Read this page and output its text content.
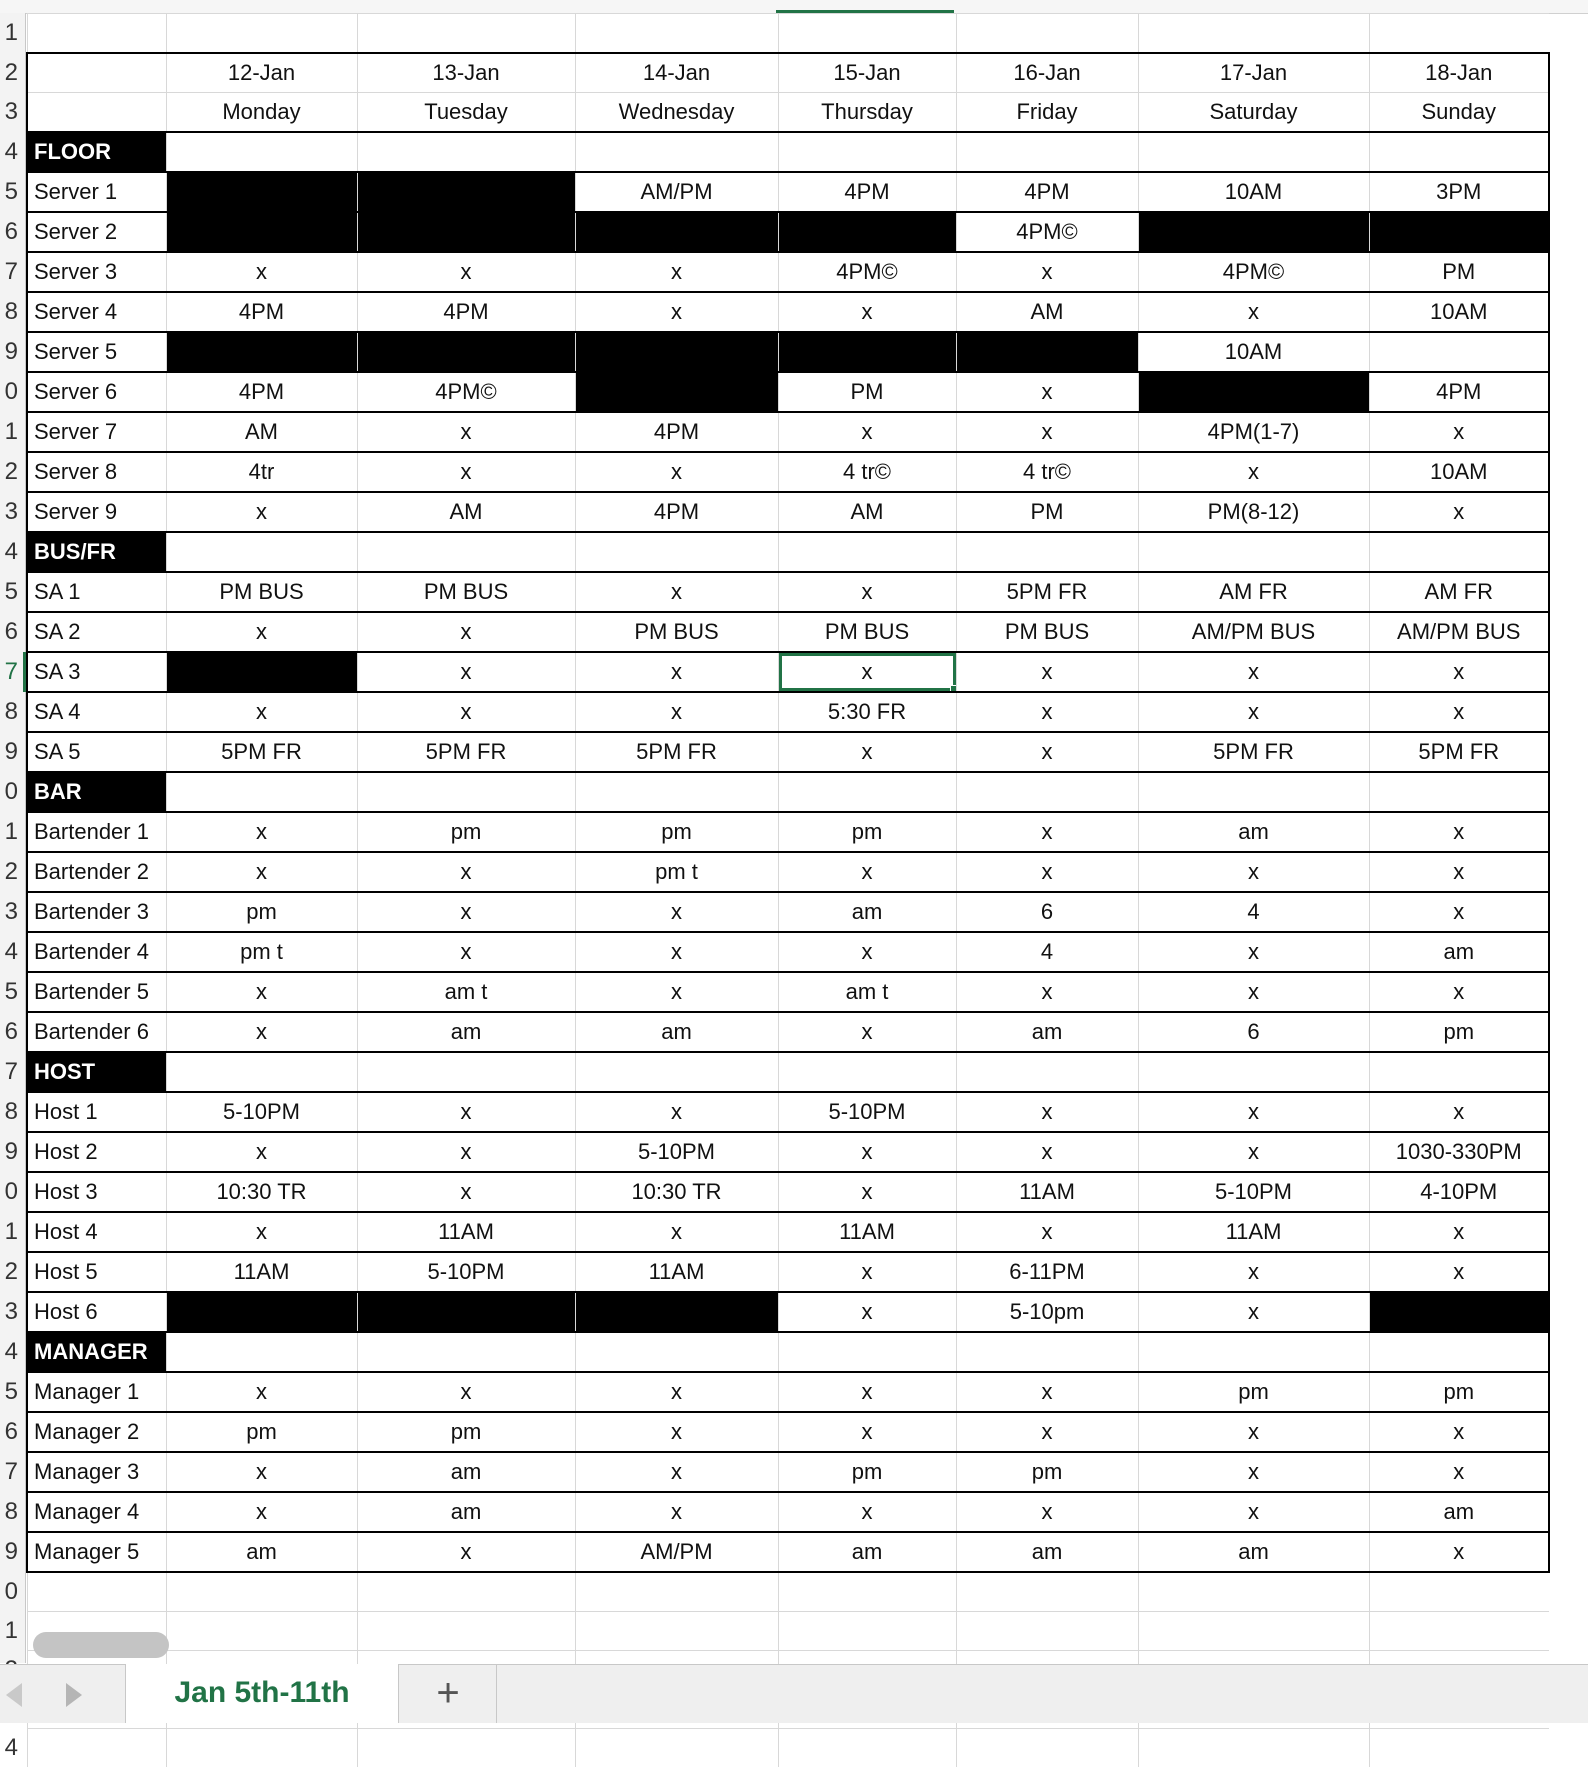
1
2
3
4
5
6
7
8
9
0
1
2
3
4
5
6
7
8
9
0
1
2
3
4
5
6
7
8
9
0
1
2
3
4
5
6
7
8
9
0
1
4

	12-Jan	13-Jan	14-Jan	15-Jan	16-Jan	17-Jan	18-Jan
	Monday	Tuesday	Wednesday	Thursday	Friday	Saturday	Sunday
FLOOR							
Server 1			AM/PM	4PM	4PM	10AM	3PM
Server 2					4PM©		
Server 3	x	x	x	4PM©	x	4PM©	PM
Server 4	4PM	4PM	x	x	AM	x	10AM
Server 5						10AM	
Server 6	4PM	4PM©		PM	x		4PM
Server 7	AM	x	4PM	x	x	4PM(1-7)	x
Server 8	4tr	x	x	4 tr©	4 tr©	x	10AM
Server 9	x	AM	4PM	AM	PM	PM(8-12)	x
BUS/FR							
SA 1	PM BUS	PM BUS	x	x	5PM FR	AM FR	AM FR
SA 2	x	x	PM BUS	PM BUS	PM BUS	AM/PM BUS	AM/PM BUS
SA 3		x	x	x	x	x	x
SA 4	x	x	x	5:30 FR	x	x	x
SA 5	5PM FR	5PM FR	5PM FR	x	x	5PM FR	5PM FR
BAR							
Bartender 1	x	pm	pm	pm	x	am	x
Bartender 2	x	x	pm t	x	x	x	x
Bartender 3	pm	x	x	am	6	4	x
Bartender 4	pm t	x	x	x	4	x	am
Bartender 5	x	am t	x	am t	x	x	x
Bartender 6	x	am	am	x	am	6	pm
HOST							
Host 1	5-10PM	x	x	5-10PM	x	x	x
Host 2	x	x	5-10PM	x	x	x	1030-330PM
Host 3	10:30 TR	x	10:30 TR	x	11AM	5-10PM	4-10PM
Host 4	x	11AM	x	11AM	x	11AM	x
Host 5	11AM	5-10PM	11AM	x	6-11PM	x	x
Host 6				x	5-10pm	x	
MANAGER							
Manager 1	x	x	x	x	x	pm	pm
Manager 2	pm	pm	x	x	x	x	x
Manager 3	x	am	x	pm	pm	x	x
Manager 4	x	am	x	x	x	x	am
Manager 5	am	x	AM/PM	am	am	am	x

Jan 5th-11th	+
